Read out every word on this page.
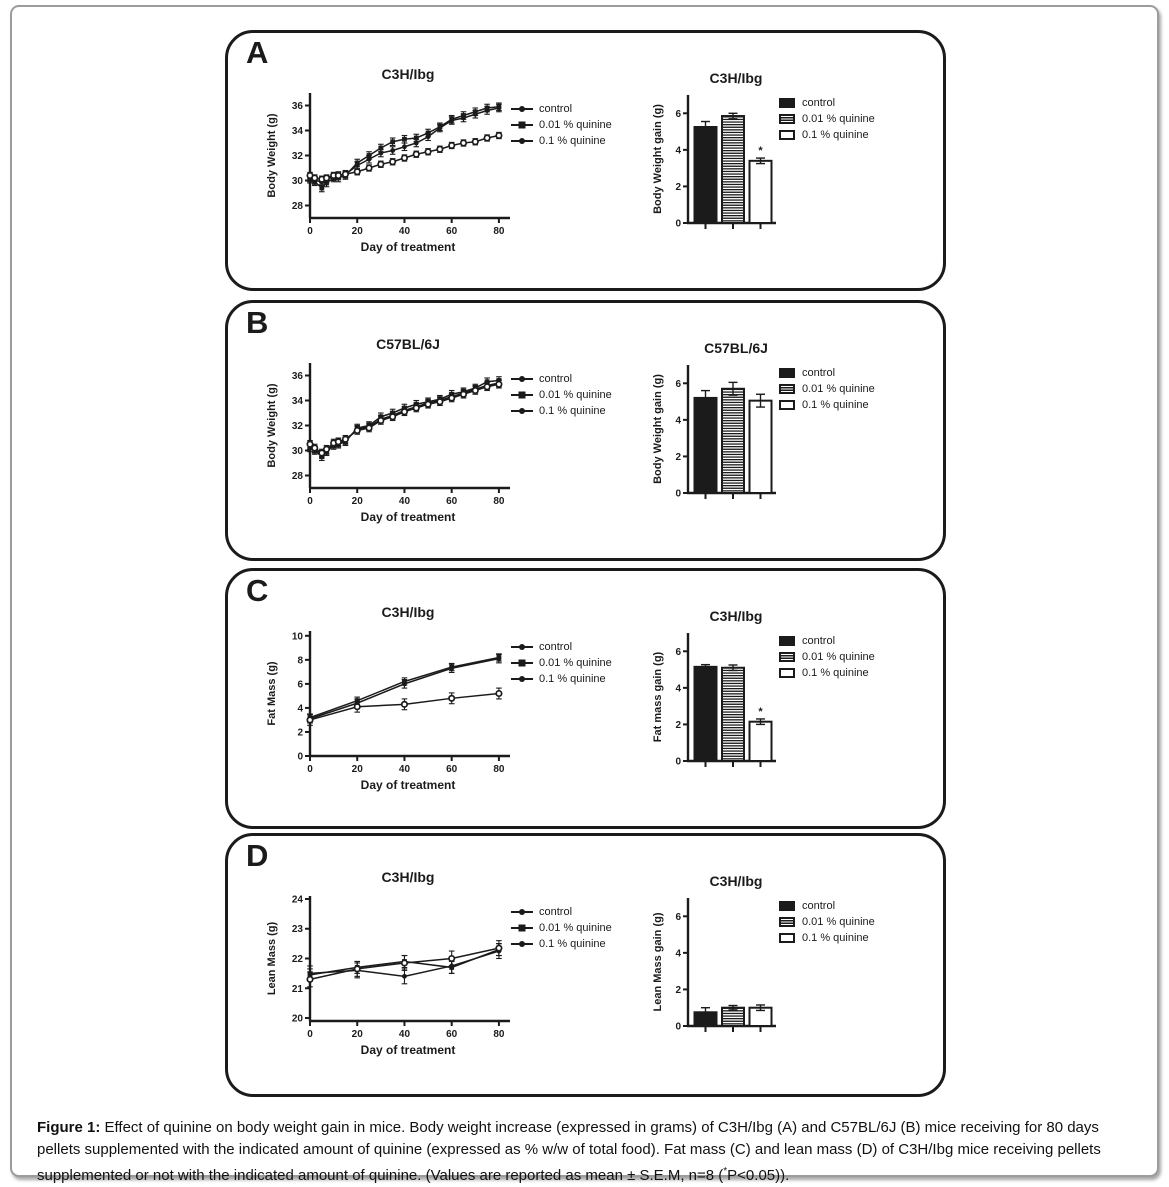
A
C3H/Ibg
28
30
32
34
36
0	20	40	60	80
Body Weight (g)
Day of treatment
control
0.01 % quinine
0.1 % quinine
C3H/Ibg
0
2
4
6
Body Weight gain (g)	*
control
0.01 % quinine
0.1 % quinine
B
C57BL/6J
28
30
32
34
36
0	20	40	60	80
Body Weight (g)
Day of treatment
control
0.01 % quinine
0.1 % quinine
C57BL/6J
0
2
4
6
Body Weight gain (g)
control
0.01 % quinine
0.1 % quinine
C
C3H/Ibg
0
2
4
6
8
10
0	20	40	60	80
Fat Mass (g)
Day of treatment
control
0.01 % quinine
0.1 % quinine
C3H/Ibg
0
2
4
6
Fat mass gain (g)	*
control
0.01 % quinine
0.1 % quinine
D
C3H/Ibg
20
21
22
23
24
0	20	40	60	80
Lean Mass (g)
Day of treatment
control
0.01 % quinine
0.1 % quinine
C3H/Ibg
0
2
4
6
Lean Mass gain (g)
control
0.01 % quinine
0.1 % quinine

Figure 1: Effect of quinine on body weight gain in mice. Body weight increase (expressed in grams) of C3H/Ibg (A) and C57BL/6J (B) mice receiving for 80 days pellets supplemented with the indicated amount of quinine (expressed as % w/w of total food). Fat mass (C) and lean mass (D) of C3H/Ibg mice receiving pellets supplemented or not with the indicated amount of quinine. (Values are reported as mean ± S.E.M, n=8 (*P<0.05)).
